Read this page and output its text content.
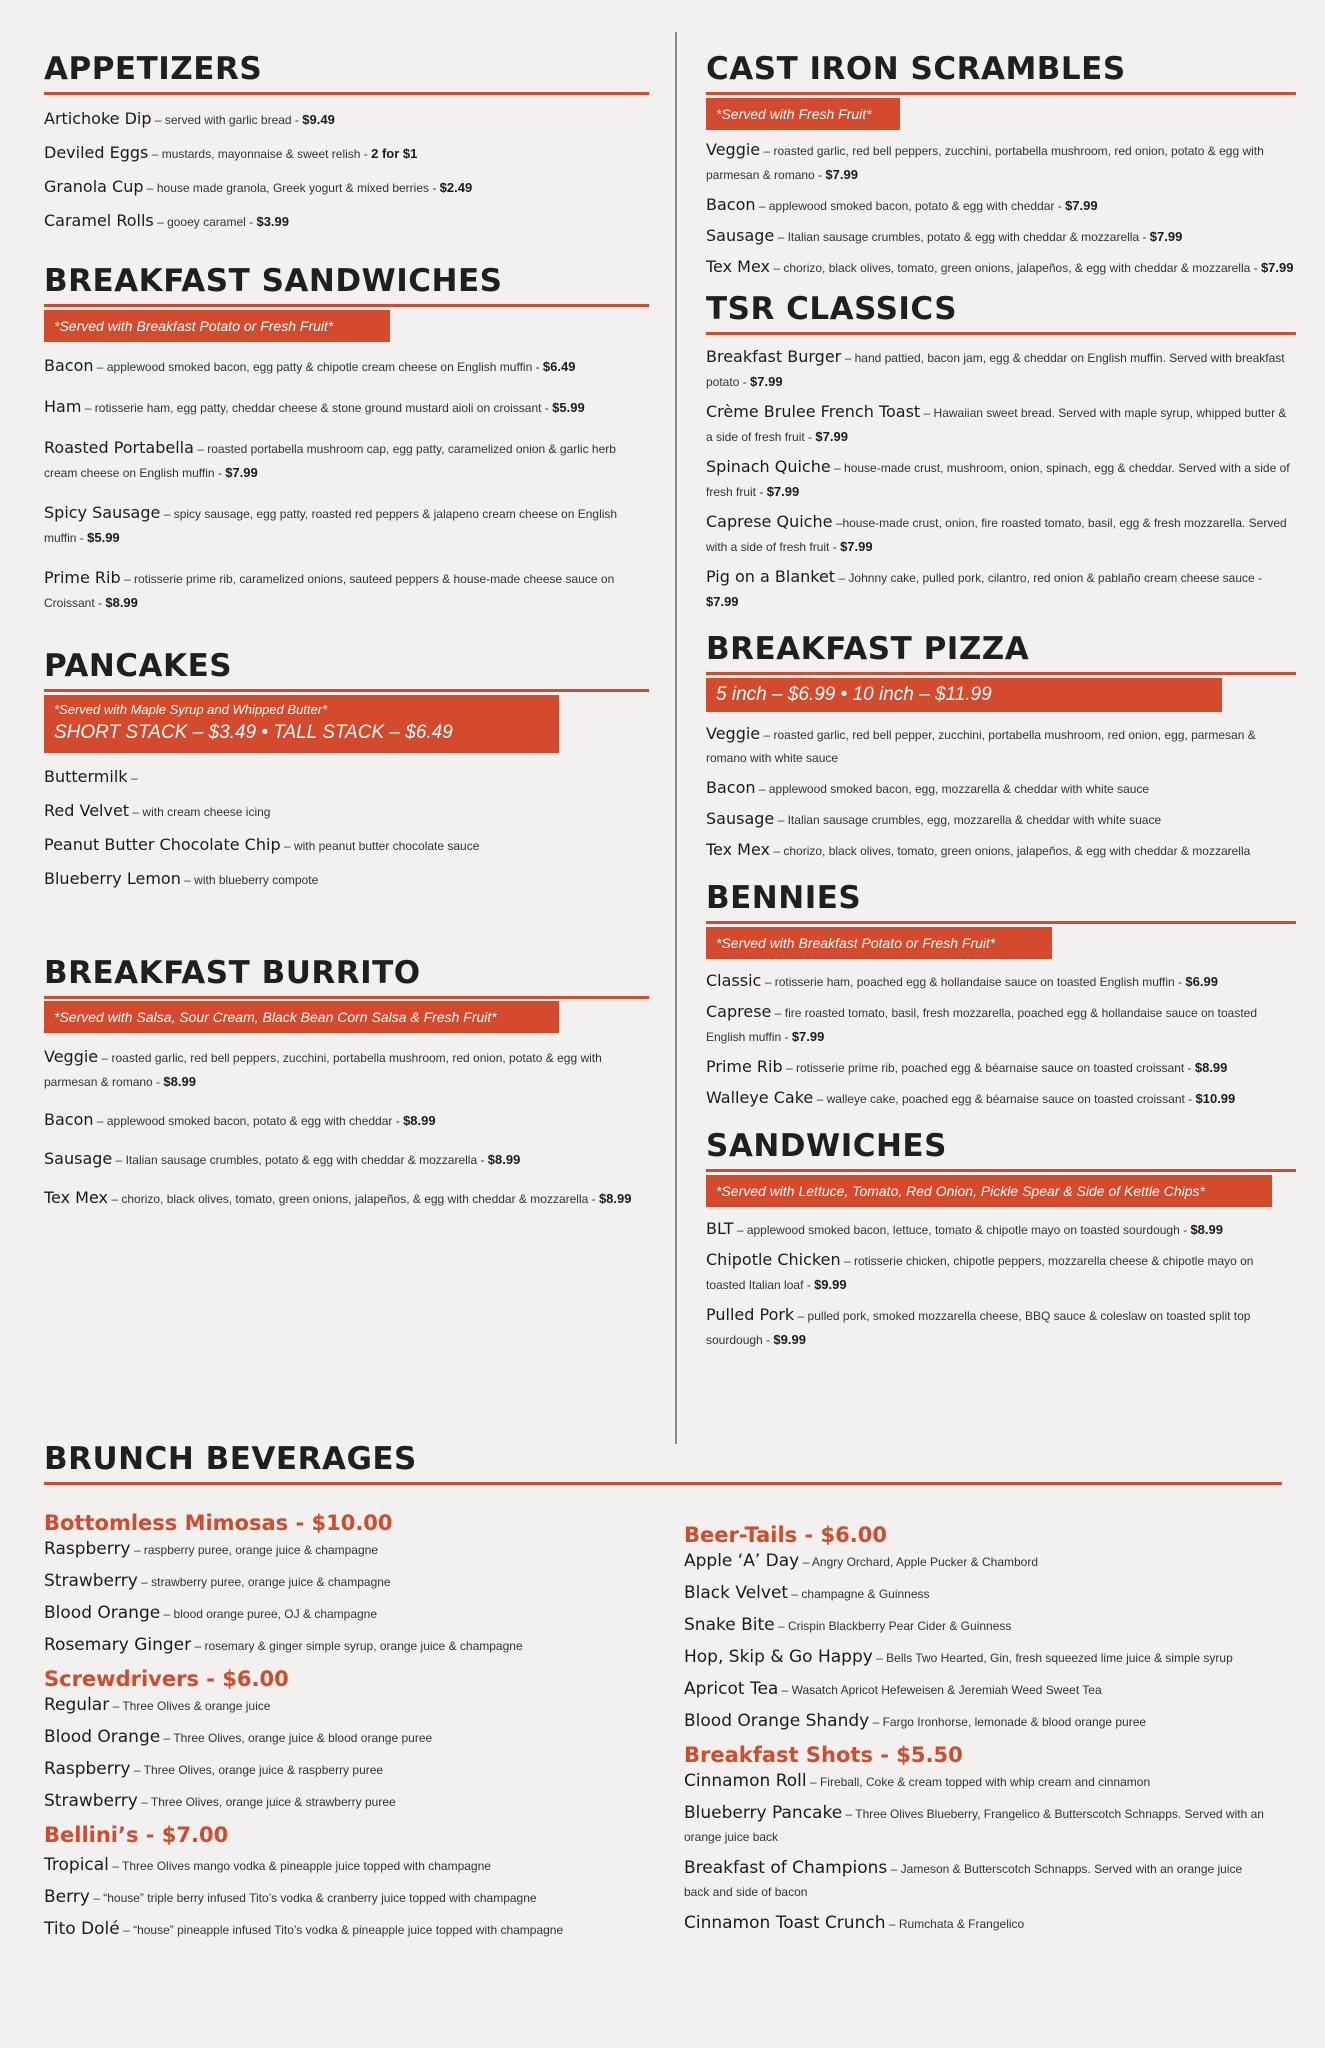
APPETIZERS
Artichoke Dip – served with garlic bread - $9.49
Deviled Eggs – mustards, mayonnaise & sweet relish - 2 for $1
Granola Cup – house made granola, Greek yogurt & mixed berries - $2.49
Caramel Rolls – gooey caramel - $3.99
BREAKFAST SANDWICHES
*Served with Breakfast Potato or Fresh Fruit*
Bacon – applewood smoked bacon, egg patty & chipotle cream cheese on English muffin - $6.49
Ham – rotisserie ham, egg patty, cheddar cheese & stone ground mustard aioli on croissant - $5.99
Roasted Portabella – roasted portabella mushroom cap, egg patty, caramelized onion & garlic herb cream cheese on English muffin - $7.99
Spicy Sausage – spicy sausage, egg patty, roasted red peppers & jalapeno cream cheese on English muffin - $5.99
Prime Rib – rotisserie prime rib, caramelized onions, sauteed peppers & house-made cheese sauce on Croissant - $8.99
PANCAKES
*Served with Maple Syrup and Whipped Butter*
SHORT STACK – $3.49 • TALL STACK – $6.49
Buttermilk –
Red Velvet – with cream cheese icing
Peanut Butter Chocolate Chip – with peanut butter chocolate sauce
Blueberry Lemon – with blueberry compote
BREAKFAST BURRITO
*Served with Salsa, Sour Cream, Black Bean Corn Salsa & Fresh Fruit*
Veggie – roasted garlic, red bell peppers, zucchini, portabella mushroom, red onion, potato & egg with parmesan & romano - $8.99
Bacon – applewood smoked bacon, potato & egg with cheddar - $8.99
Sausage – Italian sausage crumbles, potato & egg with cheddar & mozzarella - $8.99
Tex Mex – chorizo, black olives, tomato, green onions, jalapeños, & egg with cheddar & mozzarella - $8.99
CAST IRON SCRAMBLES
*Served with Fresh Fruit*
Veggie – roasted garlic, red bell peppers, zucchini, portabella mushroom, red onion, potato & egg with parmesan & romano - $7.99
Bacon – applewood smoked bacon, potato & egg with cheddar - $7.99
Sausage – Italian sausage crumbles, potato & egg with cheddar & mozzarella - $7.99
Tex Mex – chorizo, black olives, tomato, green onions, jalapeños, & egg with cheddar & mozzarella - $7.99
TSR CLASSICS
Breakfast Burger – hand pattied, bacon jam, egg & cheddar on English muffin. Served with breakfast potato - $7.99
Crème Brulee French Toast – Hawaiian sweet bread. Served with maple syrup, whipped butter & a side of fresh fruit - $7.99
Spinach Quiche – house-made crust, mushroom, onion, spinach, egg & cheddar. Served with a side of fresh fruit - $7.99
Caprese Quiche –house-made crust, onion, fire roasted tomato, basil, egg & fresh mozzarella. Served with a side of fresh fruit - $7.99
Pig on a Blanket – Johnny cake, pulled pork, cilantro, red onion & pablaño cream cheese sauce - $7.99
BREAKFAST PIZZA
5 inch – $6.99 • 10 inch – $11.99
Veggie – roasted garlic, red bell pepper, zucchini, portabella mushroom, red onion, egg, parmesan & romano with white sauce
Bacon – applewood smoked bacon, egg, mozzarella & cheddar with white sauce
Sausage – Italian sausage crumbles, egg, mozzarella & cheddar with white suace
Tex Mex – chorizo, black olives, tomato, green onions, jalapeños, & egg with cheddar & mozzarella
BENNIES
*Served with Breakfast Potato or Fresh Fruit*
Classic – rotisserie ham, poached egg & hollandaise sauce on toasted English muffin - $6.99
Caprese – fire roasted tomato, basil, fresh mozzarella, poached egg & hollandaise sauce on toasted English muffin - $7.99
Prime Rib – rotisserie prime rib, poached egg & béarnaise sauce on toasted croissant - $8.99
Walleye Cake – walleye cake, poached egg & béarnaise sauce on toasted croissant - $10.99
SANDWICHES
*Served with Lettuce, Tomato, Red Onion, Pickle Spear & Side of Kettle Chips*
BLT – applewood smoked bacon, lettuce, tomato & chipotle mayo on toasted sourdough - $8.99
Chipotle Chicken – rotisserie chicken, chipotle peppers, mozzarella cheese & chipotle mayo on toasted Italian loaf - $9.99
Pulled Pork – pulled pork, smoked mozzarella cheese, BBQ sauce & coleslaw on toasted split top sourdough - $9.99
BRUNCH BEVERAGES
Bottomless Mimosas - $10.00
Raspberry – raspberry puree, orange juice & champagne
Strawberry – strawberry puree, orange juice & champagne
Blood Orange – blood orange puree, OJ & champagne
Rosemary Ginger – rosemary & ginger simple syrup, orange juice & champagne
Screwdrivers - $6.00
Regular – Three Olives & orange juice
Blood Orange – Three Olives, orange juice & blood orange puree
Raspberry – Three Olives, orange juice & raspberry puree
Strawberry – Three Olives, orange juice & strawberry puree
Bellini’s - $7.00
Tropical – Three Olives mango vodka & pineapple juice topped with champagne
Berry – “house” triple berry infused Tito’s vodka & cranberry juice topped with champagne
Tito Dolé – “house” pineapple infused Tito’s vodka & pineapple juice topped with champagne
Beer-Tails - $6.00
Apple ‘A’ Day – Angry Orchard, Apple Pucker & Chambord
Black Velvet – champagne & Guinness
Snake Bite – Crispin Blackberry Pear Cider & Guinness
Hop, Skip & Go Happy – Bells Two Hearted, Gin, fresh squeezed lime juice & simple syrup
Apricot Tea – Wasatch Apricot Hefeweisen & Jeremiah Weed Sweet Tea
Blood Orange Shandy – Fargo Ironhorse, lemonade & blood orange puree
Breakfast Shots - $5.50
Cinnamon Roll – Fireball, Coke & cream topped with whip cream and cinnamon
Blueberry Pancake – Three Olives Blueberry, Frangelico & Butterscotch Schnapps. Served with an orange juice back
Breakfast of Champions – Jameson & Butterscotch Schnapps. Served with an orange juice back and side of bacon
Cinnamon Toast Crunch – Rumchata & Frangelico
